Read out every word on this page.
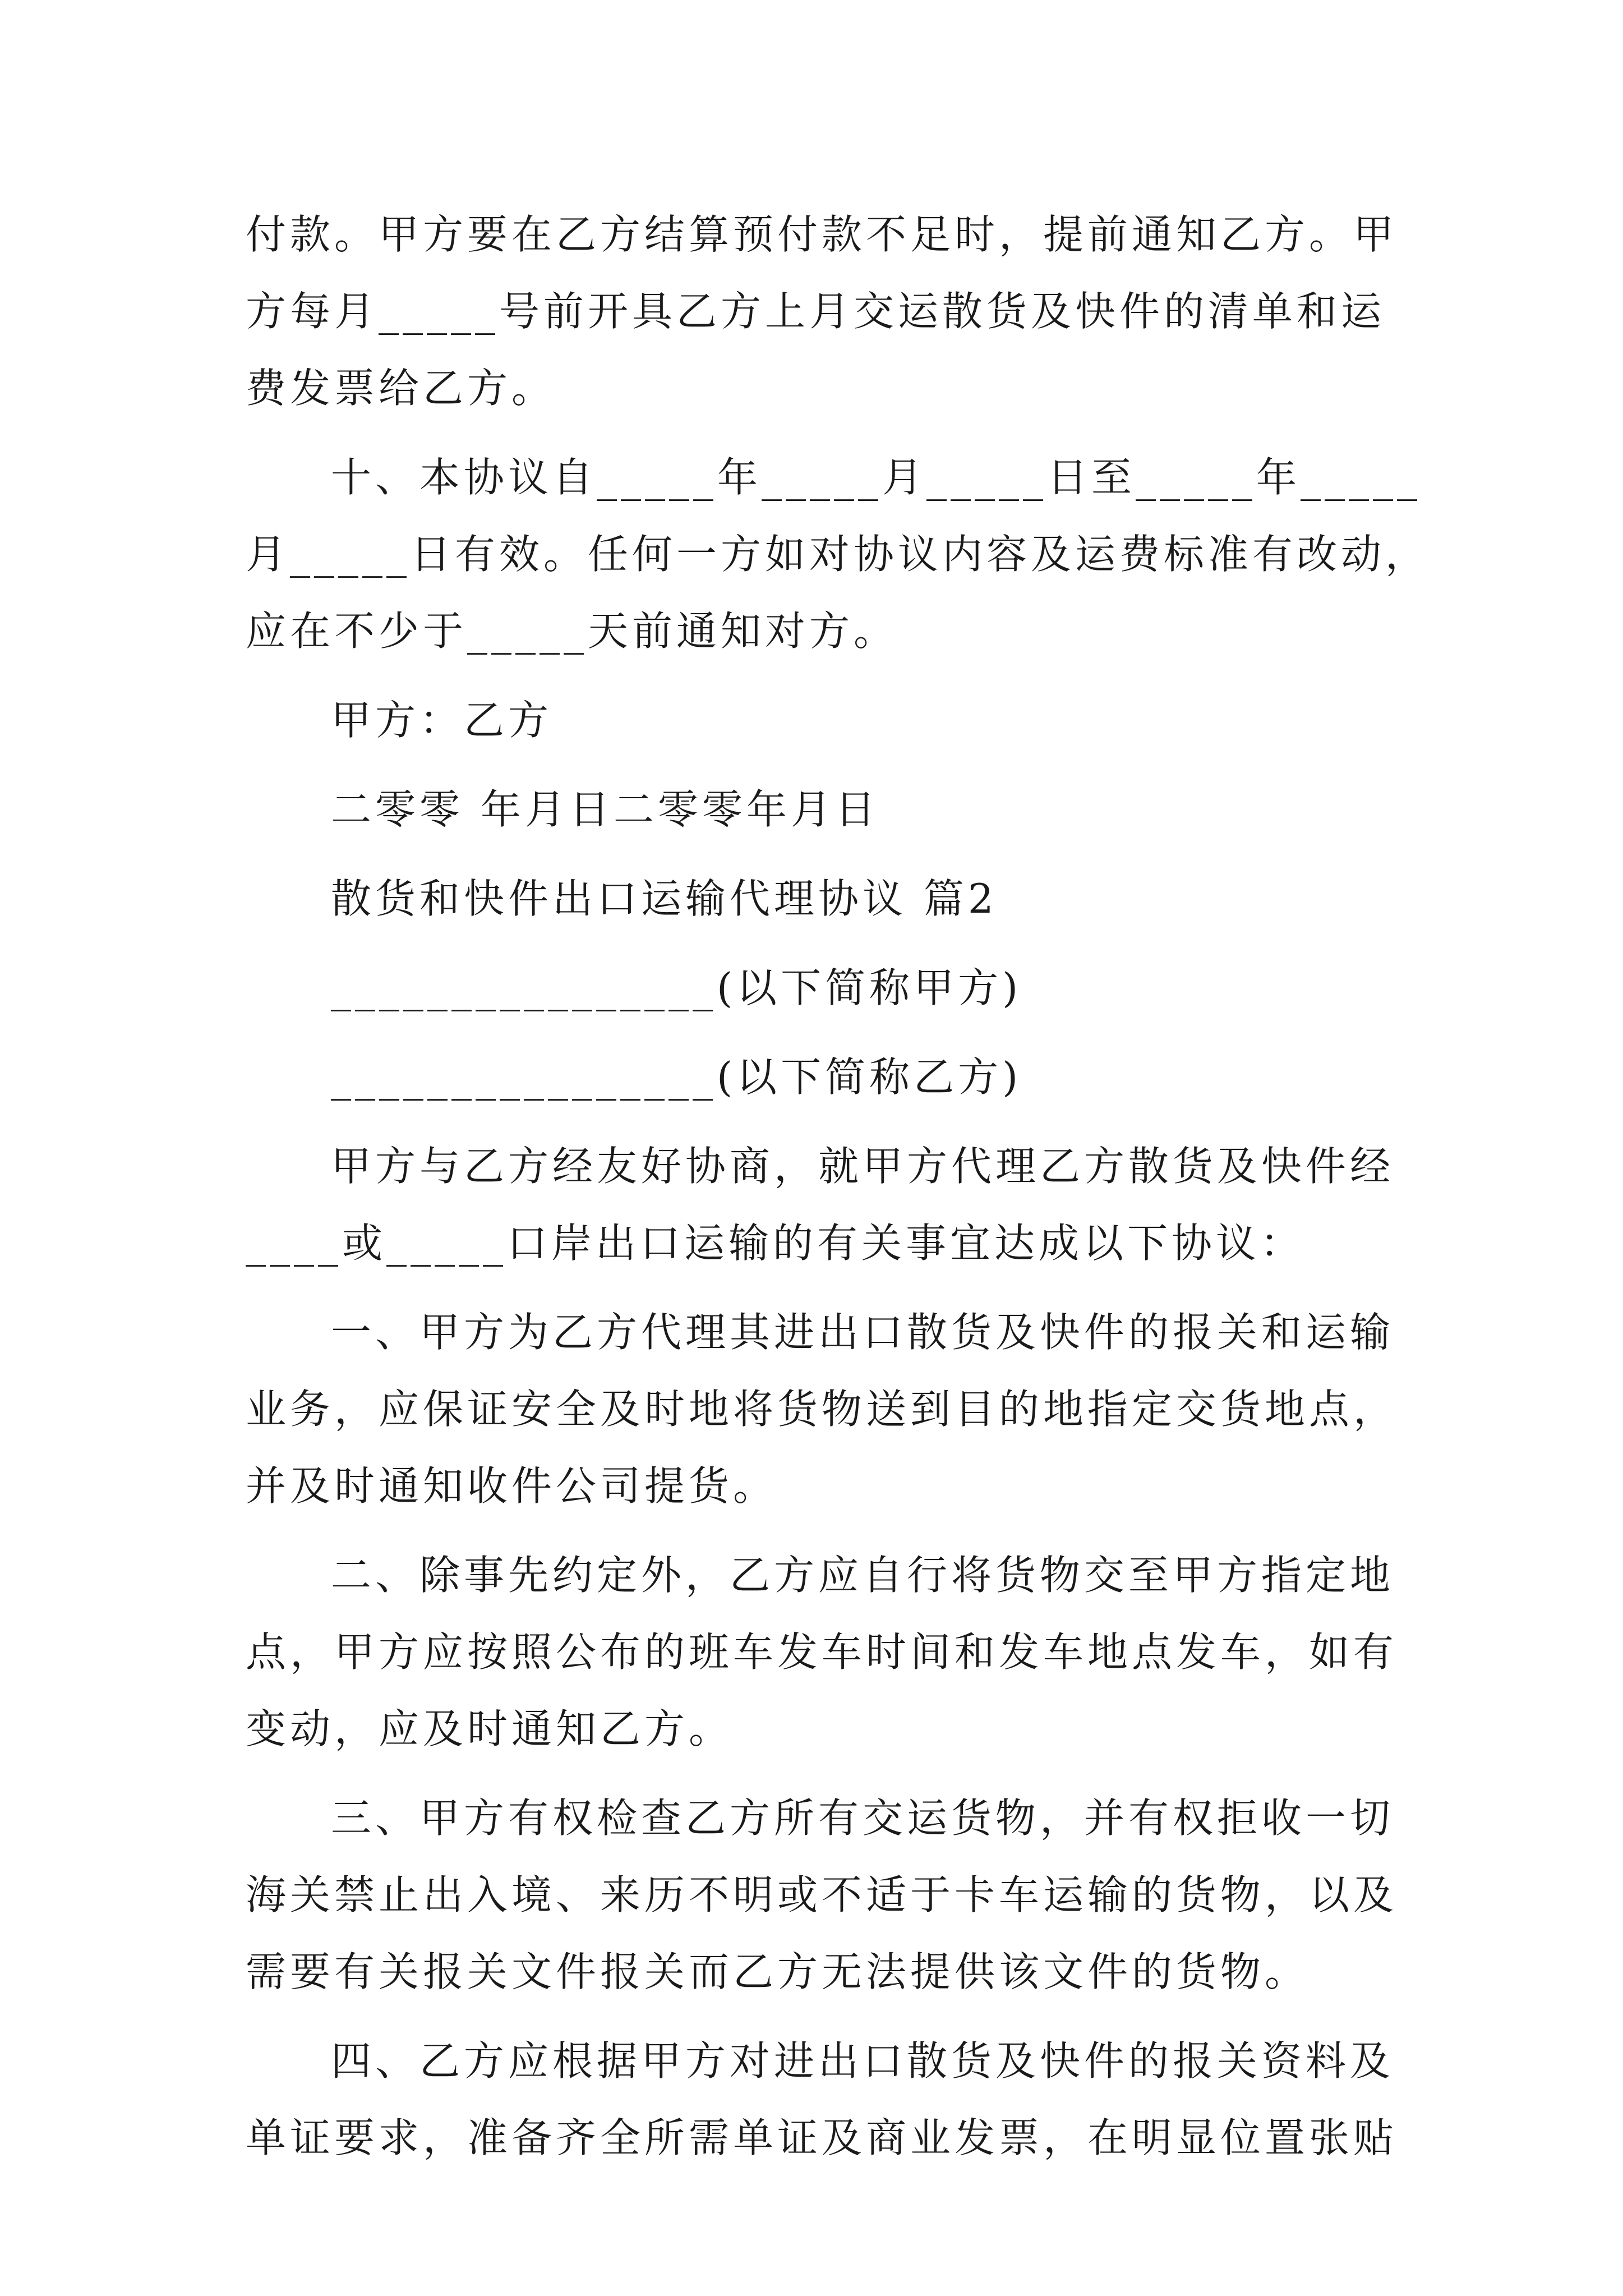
付款。甲方要在乙方结算预付款不足时，提前通知乙方。甲
方每月_____号前开具乙方上月交运散货及快件的清单和运
费发票给乙方。
十、本协议自_____年_____月_____日至_____年_____
月_____日有效。任何一方如对协议内容及运费标准有改动，
应在不少于_____天前通知对方。
甲方：乙方
二零零 年月日二零零年月日
散货和快件出口运输代理协议 篇2
________________(以下简称甲方)
________________(以下简称乙方)
甲方与乙方经友好协商，就甲方代理乙方散货及快件经
____或_____口岸出口运输的有关事宜达成以下协议：
一、甲方为乙方代理其进出口散货及快件的报关和运输
业务，应保证安全及时地将货物送到目的地指定交货地点，
并及时通知收件公司提货。
二、除事先约定外，乙方应自行将货物交至甲方指定地
点，甲方应按照公布的班车发车时间和发车地点发车，如有
变动，应及时通知乙方。
三、甲方有权检查乙方所有交运货物，并有权拒收一切
海关禁止出入境、来历不明或不适于卡车运输的货物，以及
需要有关报关文件报关而乙方无法提供该文件的货物。
四、乙方应根据甲方对进出口散货及快件的报关资料及
单证要求，准备齐全所需单证及商业发票，在明显位置张贴
